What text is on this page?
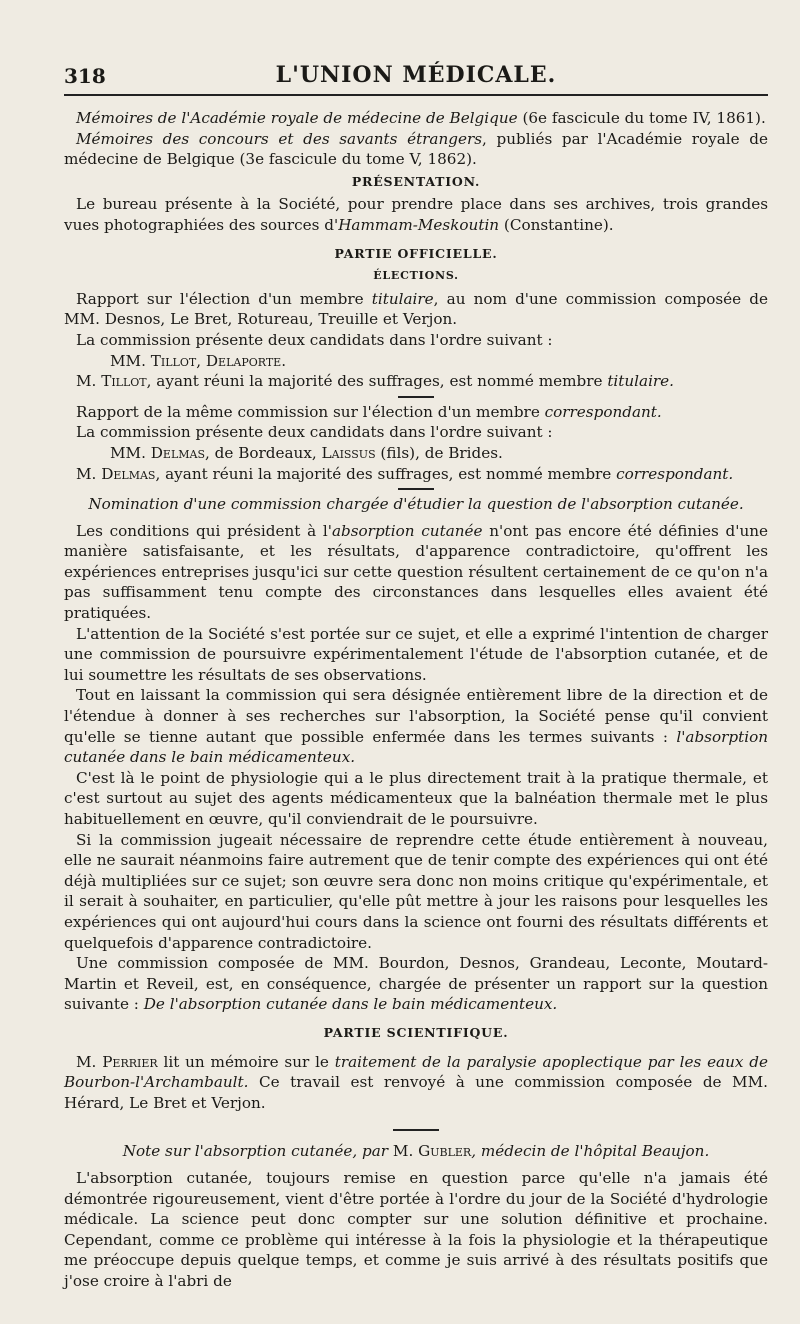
318	L'UNION MÉDICALE.

Mémoires de l'Académie royale de médecine de Belgique (6e fascicule du tome IV, 1861).

Mémoires des concours et des savants étrangers, publiés par l'Académie royale de médecine de Belgique (3e fascicule du tome V, 1862).

PRÉSENTATION.

Le bureau présente à la Société, pour prendre place dans ses archives, trois grandes vues photographiées des sources d'Hammam-Meskoutin (Constantine).

PARTIE OFFICIELLE.
ÉLECTIONS.

Rapport sur l'élection d'un membre titulaire, au nom d'une commission composée de MM. Desnos, Le Bret, Rotureau, Treuille et Verjon.

La commission présente deux candidats dans l'ordre suivant :

MM. Tillot, Delaporte.

M. Tillot, ayant réuni la majorité des suffrages, est nommé membre titulaire.

Rapport de la même commission sur l'élection d'un membre correspondant.

La commission présente deux candidats dans l'ordre suivant :

MM. Delmas, de Bordeaux, Laissus (fils), de Brides.

M. Delmas, ayant réuni la majorité des suffrages, est nommé membre correspondant.

Nomination d'une commission chargée d'étudier la question de l'absorption cutanée.

Les conditions qui président à l'absorption cutanée n'ont pas encore été définies d'une manière satisfaisante, et les résultats, d'apparence contradictoire, qu'offrent les expériences entreprises jusqu'ici sur cette question résultent certainement de ce qu'on n'a pas suffisamment tenu compte des circonstances dans lesquelles elles avaient été pratiquées.

L'attention de la Société s'est portée sur ce sujet, et elle a exprimé l'intention de charger une commission de poursuivre expérimentalement l'étude de l'absorption cutanée, et de lui soumettre les résultats de ses observations.

Tout en laissant la commission qui sera désignée entièrement libre de la direction et de l'étendue à donner à ses recherches sur l'absorption, la Société pense qu'il convient qu'elle se tienne autant que possible enfermée dans les termes suivants : l'absorption cutanée dans le bain médicamenteux.

C'est là le point de physiologie qui a le plus directement trait à la pratique thermale, et c'est surtout au sujet des agents médicamenteux que la balnéation thermale met le plus habituellement en œuvre, qu'il conviendrait de le poursuivre.

Si la commission jugeait nécessaire de reprendre cette étude entièrement à nouveau, elle ne saurait néanmoins faire autrement que de tenir compte des expériences qui ont été déjà multipliées sur ce sujet; son œuvre sera donc non moins critique qu'expérimentale, et il serait à souhaiter, en particulier, qu'elle pût mettre à jour les raisons pour lesquelles les expériences qui ont aujourd'hui cours dans la science ont fourni des résultats différents et quelquefois d'apparence contradictoire.

Une commission composée de MM. Bourdon, Desnos, Grandeau, Leconte, Moutard-Martin et Reveil, est, en conséquence, chargée de présenter un rapport sur la question suivante : De l'absorption cutanée dans le bain médicamenteux.

PARTIE SCIENTIFIQUE.

M. Perrier lit un mémoire sur le traitement de la paralysie apoplectique par les eaux de Bourbon-l'Archambault. Ce travail est renvoyé à une commission composée de MM. Hérard, Le Bret et Verjon.

Note sur l'absorption cutanée, par M. Gubler, médecin de l'hôpital Beaujon.

L'absorption cutanée, toujours remise en question parce qu'elle n'a jamais été démontrée rigoureusement, vient d'être portée à l'ordre du jour de la Société d'hydrologie médicale. La science peut donc compter sur une solution définitive et prochaine. Cependant, comme ce problème qui intéresse à la fois la physiologie et la thérapeutique me préoccupe depuis quelque temps, et comme je suis arrivé à des résultats positifs que j'ose croire à l'abri de
